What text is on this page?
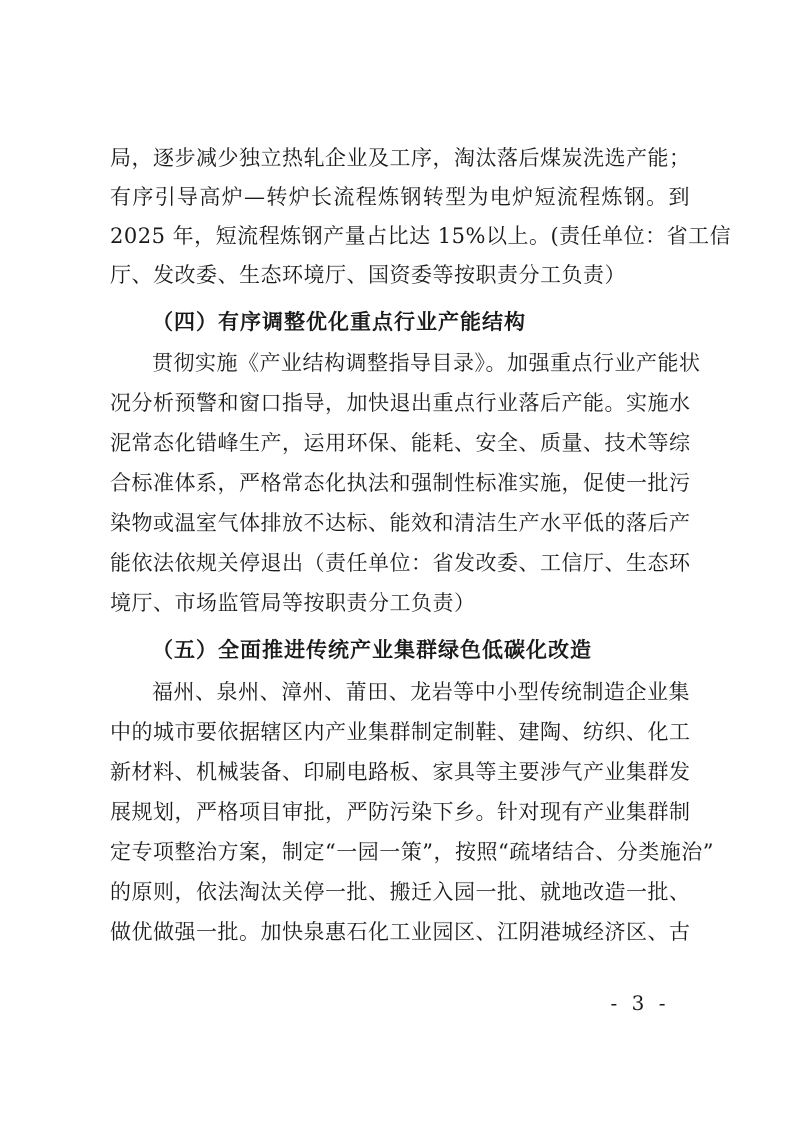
局，逐步减少独立热轧企业及工序，淘汰落后煤炭洗选产能；
有序引导高炉—转炉长流程炼钢转型为电炉短流程炼钢。到
2025 年，短流程炼钢产量占比达 15%以上。(责任单位：省工信
厅、发改委、生态环境厅、国资委等按职责分工负责）
（四）有序调整优化重点行业产能结构
贯彻实施《产业结构调整指导目录》。加强重点行业产能状
况分析预警和窗口指导，加快退出重点行业落后产能。实施水
泥常态化错峰生产，运用环保、能耗、安全、质量、技术等综
合标准体系，严格常态化执法和强制性标准实施，促使一批污
染物或温室气体排放不达标、能效和清洁生产水平低的落后产
能依法依规关停退出（责任单位：省发改委、工信厅、生态环
境厅、市场监管局等按职责分工负责）
（五）全面推进传统产业集群绿色低碳化改造
福州、泉州、漳州、莆田、龙岩等中小型传统制造企业集
中的城市要依据辖区内产业集群制定制鞋、建陶、纺织、化工
新材料、机械装备、印刷电路板、家具等主要涉气产业集群发
展规划，严格项目审批，严防污染下乡。针对现有产业集群制
定专项整治方案，制定“一园一策”，按照“疏堵结合、分类施治”
的原则，依法淘汰关停一批、搬迁入园一批、就地改造一批、
做优做强一批。加快泉惠石化工业园区、江阴港城经济区、古
- 3 -
